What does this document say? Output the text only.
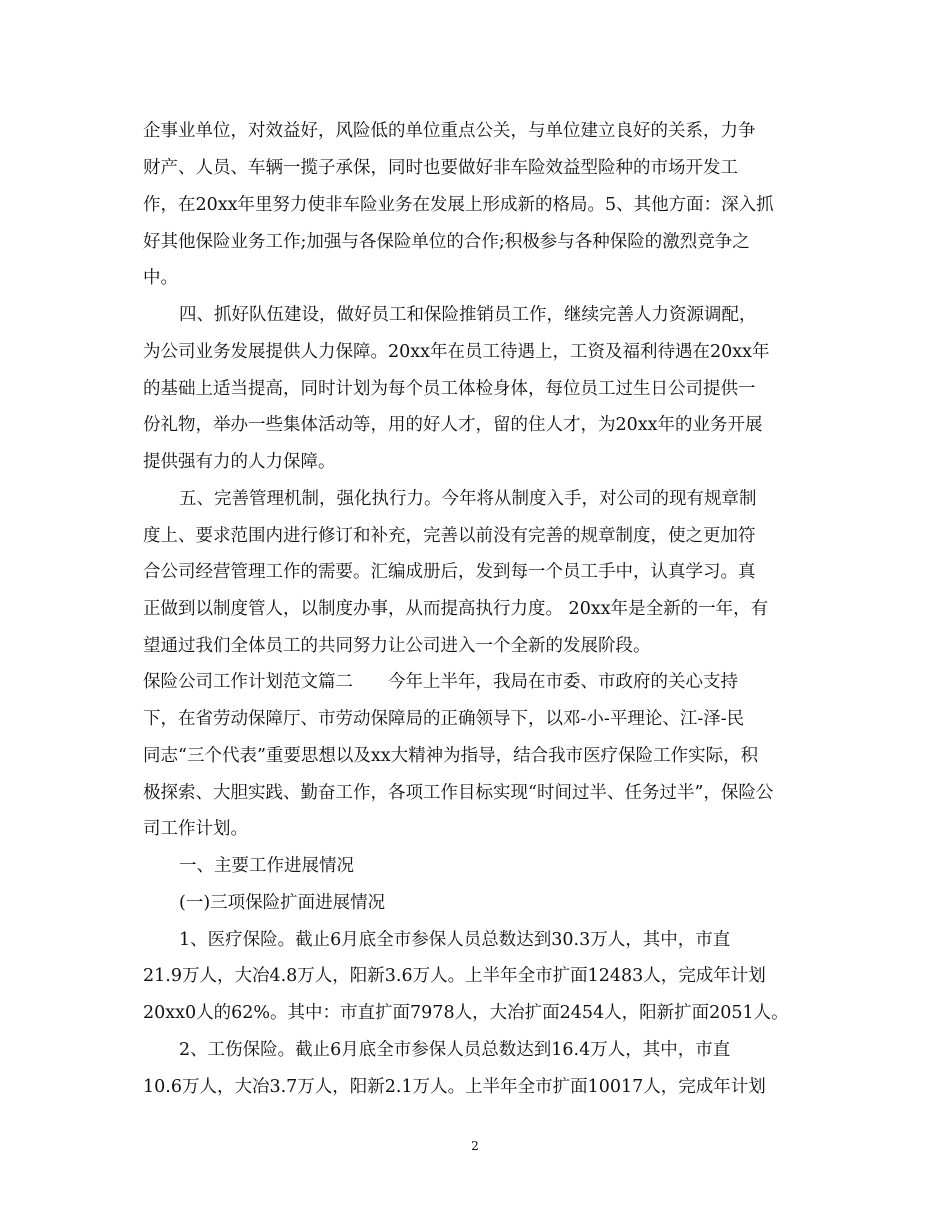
企事业单位，对效益好，风险低的单位重点公关，与单位建立良好的关系，力争
财产、人员、车辆一揽子承保，同时也要做好非车险效益型险种的市场开发工
作，在20xx年里努力使非车险业务在发展上形成新的格局。5、其他方面：深入抓
好其他保险业务工作;加强与各保险单位的合作;积极参与各种保险的激烈竞争之
中。
四、抓好队伍建设，做好员工和保险推销员工作，继续完善人力资源调配，
为公司业务发展提供人力保障。20xx年在员工待遇上，工资及福利待遇在20xx年
的基础上适当提高，同时计划为每个员工体检身体，每位员工过生日公司提供一
份礼物，举办一些集体活动等，用的好人才，留的住人才，为20xx年的业务开展
提供强有力的人力保障。
五、完善管理机制，强化执行力。今年将从制度入手，对公司的现有规章制
度上、要求范围内进行修订和补充，完善以前没有完善的规章制度，使之更加符
合公司经营管理工作的需要。汇编成册后，发到每一个员工手中，认真学习。真
正做到以制度管人，以制度办事，从而提高执行力度。 20xx年是全新的一年，有
望通过我们全体员工的共同努力让公司进入一个全新的发展阶段。
保险公司工作计划范文篇二　　今年上半年，我局在市委、市政府的关心支持
下，在省劳动保障厅、市劳动保障局的正确领导下，以邓-小-平理论、江-泽-民
同志“三个代表”重要思想以及xx大精神为指导，结合我市医疗保险工作实际，积
极探索、大胆实践、勤奋工作，各项工作目标实现“时间过半、任务过半”，保险公
司工作计划。
一、主要工作进展情况
(一)三项保险扩面进展情况
1、医疗保险。截止6月底全市参保人员总数达到30.3万人，其中，市直
21.9万人，大冶4.8万人，阳新3.6万人。上半年全市扩面12483人，完成年计划
20xx0人的62%。其中：市直扩面7978人，大冶扩面2454人，阳新扩面2051人。
2、工伤保险。截止6月底全市参保人员总数达到16.4万人，其中，市直
10.6万人，大冶3.7万人，阳新2.1万人。上半年全市扩面10017人，完成年计划
2
